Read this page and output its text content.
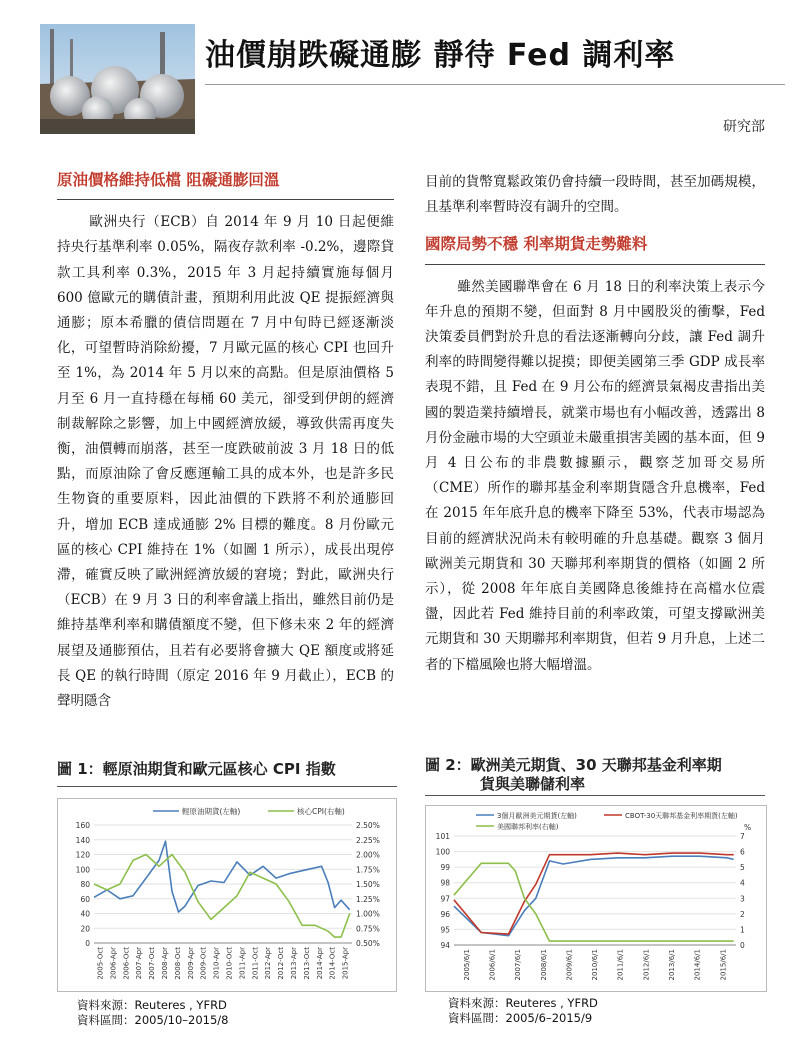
油價崩跌礙通膨 靜待 Fed 調利率
研究部
原油價格維持低檔 阻礙通膨回溫

歐洲央行（ECB）自 2014 年 9 月 10 日起便維持央行基準利率 0.05%，隔夜存款利率 -0.2%，邊際貸款工具利率 0.3%，2015 年 3 月起持續實施每個月 600 億歐元的購債計畫，預期利用此波 QE 提振經濟與通膨；原本希臘的債信問題在 7 月中旬時已經逐漸淡化，可望暫時消除紛擾，7 月歐元區的核心 CPI 也回升至 1%，為 2014 年 5 月以來的高點。但是原油價格 5 月至 6 月一直持穩在每桶 60 美元，卻受到伊朗的經濟制裁解除之影響，加上中國經濟放緩，導致供需再度失衡，油價轉而崩落，甚至一度跌破前波 3 月 18 日的低點，而原油除了會反應運輸工具的成本外，也是許多民生物資的重要原料，因此油價的下跌將不利於通膨回升，增加 ECB 達成通膨 2% 目標的難度。8 月份歐元區的核心 CPI 維持在 1%（如圖 1 所示），成長出現停滯，確實反映了歐洲經濟放緩的窘境；對此，歐洲央行（ECB）在 9 月 3 日的利率會議上指出，雖然目前仍是維持基準利率和購債額度不變，但下修未來 2 年的經濟展望及通膨預估，且若有必要將會擴大 QE 額度或將延長 QE 的執行時間（原定 2016 年 9 月截止），ECB 的聲明隱含

目前的貨幣寬鬆政策仍會持續一段時間，甚至加碼規模，且基準利率暫時沒有調升的空間。

國際局勢不穩 利率期貨走勢難料

雖然美國聯準會在 6 月 18 日的利率決策上表示今年升息的預期不變，但面對 8 月中國股災的衝擊，Fed 決策委員們對於升息的看法逐漸轉向分歧，讓 Fed 調升利率的時間變得難以捉摸；即便美國第三季 GDP 成長率表現不錯，且 Fed 在 9 月公布的經濟景氣褐皮書指出美國的製造業持續增長，就業市場也有小幅改善，透露出 8 月份金融市場的大空頭並未嚴重損害美國的基本面，但 9 月 4 日公布的非農數據顯示，觀察芝加哥交易所（CME）所作的聯邦基金利率期貨隱含升息機率，Fed 在 2015 年年底升息的機率下降至 53%，代表市場認為目前的經濟狀況尚未有較明確的升息基礎。觀察 3 個月歐洲美元期貨和 30 天聯邦利率期貨的價格（如圖 2 所示），從 2008 年年底自美國降息後維持在高檔水位震盪，因此若 Fed 維持目前的利率政策，可望支撐歐洲美元期貨和 30 天期聯邦利率期貨，但若 9 月升息，上述二者的下檔風險也將大幅增溫。

圖 1：輕原油期貨和歐元區核心 CPI 指數
0
20
40
60
80
100
120
140
160
0.50%
0.75%
1.00%
1.25%
1.50%
1.75%
2.00%
2.25%
2.50%
2005-Oct 2006-Apr 2006-Oct 2007-Apr 2007-Oct 2008-Apr 2008-Oct 2009-Apr 2009-Oct 2010-Apr 2010-Oct 2011-Apr 2011-Oct 2012-Apr 2012-Oct 2013-Apr 2013-Oct 2014-Apr 2014-Oct 2015-Apr
輕原油期貨(左軸)	核心CPI(右軸)
資料來源：Reuteres , YFRD
資料區間：2005/10–2015/8
圖 2：歐洲美元期貨、30 天聯邦基金利率期
貨與美聯儲利率
94
95
96
97
98
99
100
101
0
1
2
3
4
5
6
7
%
2005/6/1	2006/6/1	2007/6/1	2008/6/1	2009/6/1	2010/6/1	2011/6/1	2012/6/1	2013/6/1	2014/6/1	2015/6/1
3個月歐洲美元期貨(左軸)	CBOT-30天聯邦基金利率期貨(左軸)
美國聯邦利率(右軸)
資料來源：Reuteres , YFRD
資料區間：2005/6–2015/9
